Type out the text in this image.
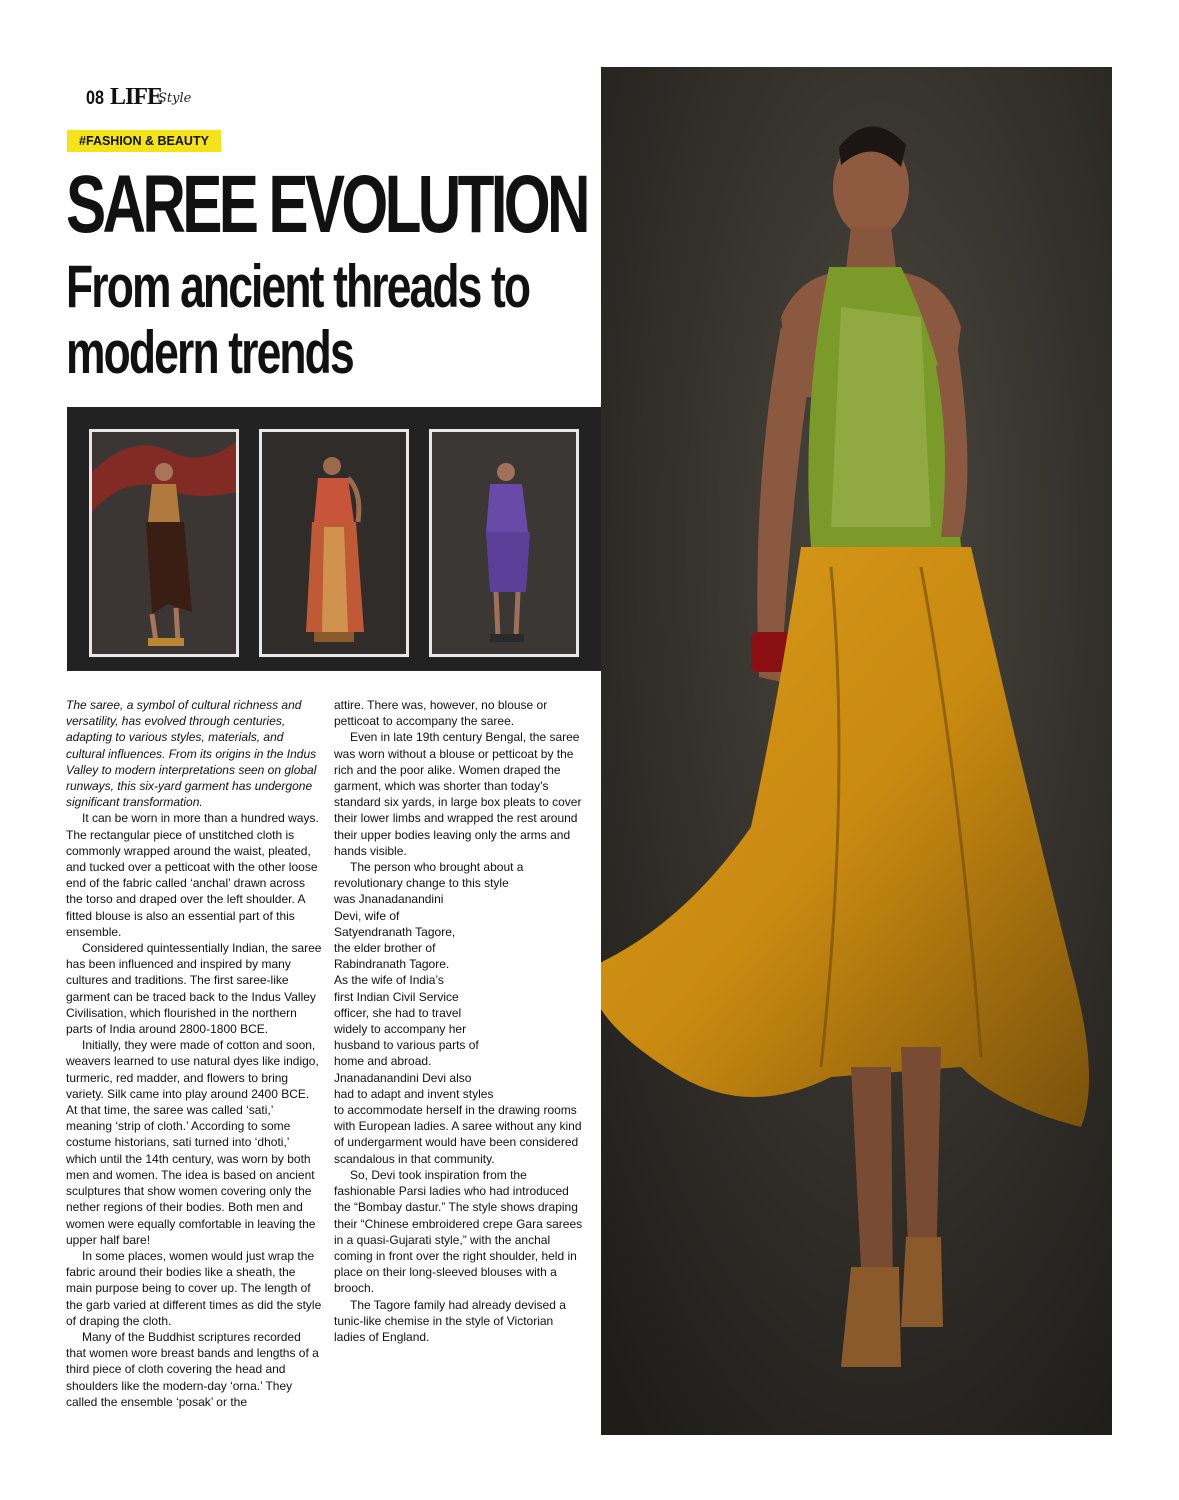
08 LIFE
Style
#FASHION & BEAUTY
SAREE EVOLUTION
From ancient threads to modern trends

The saree, a symbol of cultural richness and versatility, has evolved through centuries, adapting to various styles, materials, and cultural influences. From its origins in the Indus Valley to modern interpretations seen on global runways, this six-yard garment has undergone significant transformation.

It can be worn in more than a hundred ways. The rectangular piece of unstitched cloth is commonly wrapped around the waist, pleated, and tucked over a petticoat with the other loose end of the fabric called ‘anchal’ drawn across the torso and draped over the left shoulder. A fitted blouse is also an essential part of this ensemble.

Considered quintessentially Indian, the saree has been influenced and inspired by many cultures and traditions. The first saree-like garment can be traced back to the Indus Valley Civilisation, which flourished in the northern parts of India around 2800-1800 BCE.

Initially, they were made of cotton and soon, weavers learned to use natural dyes like indigo, turmeric, red madder, and flowers to bring variety. Silk came into play around 2400 BCE. At that time, the saree was called ‘sati,’ meaning ‘strip of cloth.’ According to some costume historians, sati turned into ‘dhoti,’ which until the 14th century, was worn by both men and women. The idea is based on ancient sculptures that show women covering only the nether regions of their bodies. Both men and women were equally comfortable in leaving the upper half bare!

In some places, women would just wrap the fabric around their bodies like a sheath, the main purpose being to cover up. The length of the garb varied at different times as did the style of draping the cloth.

Many of the Buddhist scriptures recorded that women wore breast bands and lengths of a third piece of cloth covering the head and shoulders like the modern-day ‘orna.’ They called the ensemble ‘posak’ or the

attire. There was, however, no blouse or petticoat to accompany the saree.

Even in late 19th century Bengal, the saree was worn without a blouse or petticoat by the rich and the poor alike. Women draped the garment, which was shorter than today’s standard six yards, in large box pleats to cover their lower limbs and wrapped the rest around their upper bodies leaving only the arms and hands visible.

The person who brought about a revolutionary change to this style

was Jnanadanandini Devi, wife of Satyendranath Tagore, the elder brother of Rabindranath Tagore. As the wife of India’s first Indian Civil Service officer, she had to travel

widely to accompany her husband to various parts of home and abroad. Jnanadanandini Devi also had to adapt and invent styles

to accommodate herself in the drawing rooms with European ladies. A saree without any kind of undergarment would have been considered scandalous in that community.

So, Devi took inspiration from the fashionable Parsi ladies who had introduced the “Bombay dastur.” The style shows draping their “Chinese embroidered crepe Gara sarees in a quasi-Gujarati style,” with the anchal coming in front over the right shoulder, held in place on their long-sleeved blouses with a brooch.

The Tagore family had already devised a tunic-like chemise in the style of Victorian ladies of England.
